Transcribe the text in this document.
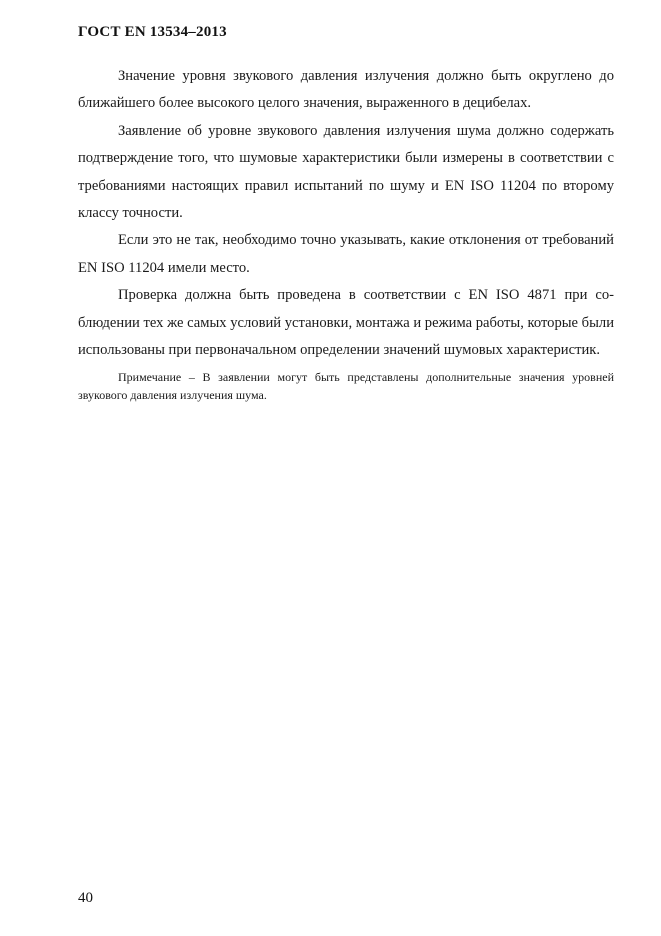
ГОСТ EN 13534–2013

Значение уровня звукового давления излучения должно быть округлено до ближайшего более высокого целого значения, выраженного в децибелах.

Заявление об уровне звукового давления излучения шума должно содержать подтверждение того, что шумовые характеристики были измерены в соответствии с требованиями настоящих правил испытаний по шуму и EN ISO 11204 по второму классу точности.

Если это не так, необходимо точно указывать, какие отклонения от требований EN ISO 11204 имели место.

Проверка должна быть проведена в соответствии с EN ISO 4871 при соблюдении тех же самых условий установки, монтажа и режима работы, которые были использованы при первоначальном определении значений шумовых характеристик.

Примечание – В заявлении могут быть представлены дополнительные значения уровней звукового давления излучения шума.

40
